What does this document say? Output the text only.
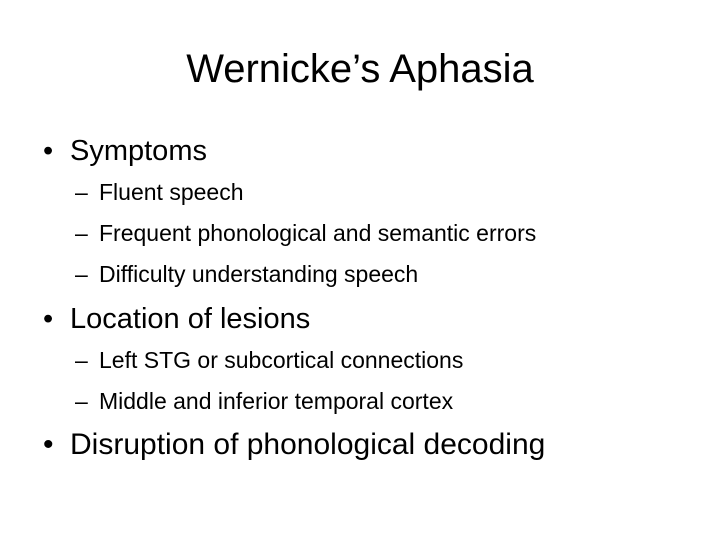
Wernicke’s Aphasia
• Symptoms
– Fluent speech
– Frequent phonological and semantic errors
– Difficulty understanding speech
• Location of lesions
– Left STG or subcortical connections
– Middle and inferior temporal cortex
• Disruption of phonological decoding
